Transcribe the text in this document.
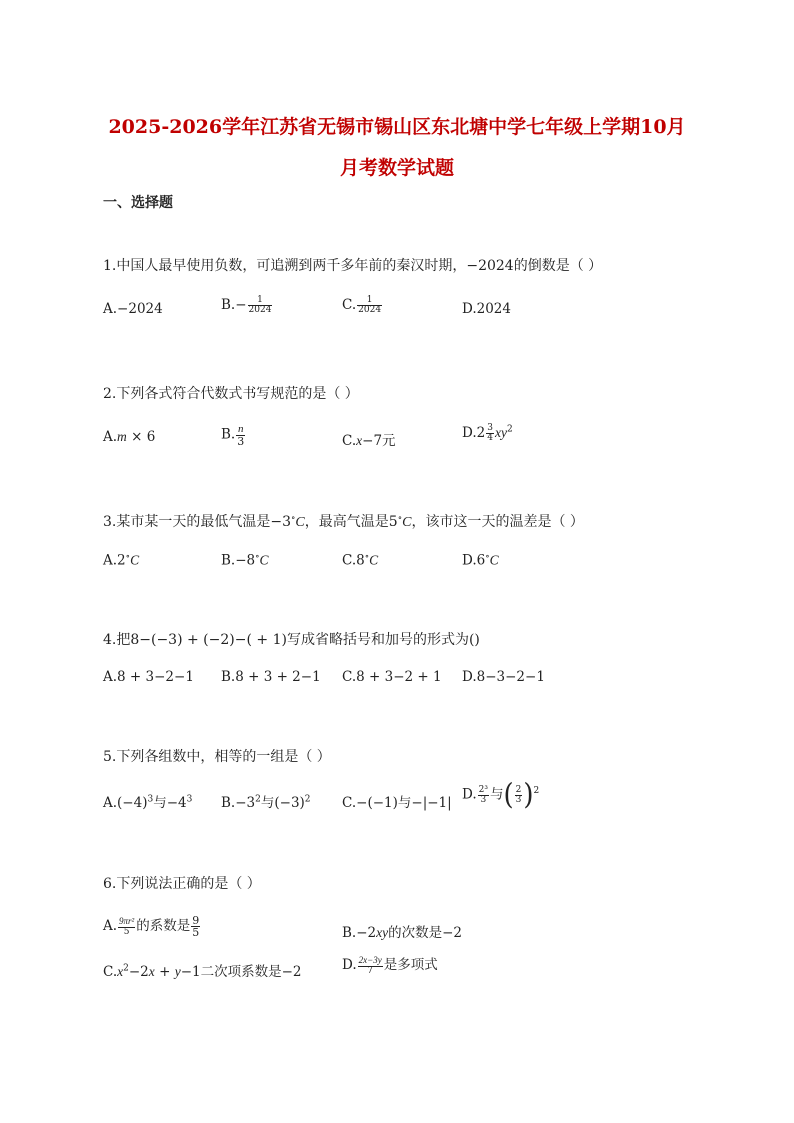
2025-2026学年江苏省无锡市锡山区东北塘中学七年级上学期10月
月考数学试题
一、选择题
1.中国人最早使用负数，可追溯到两千多年前的秦汉时期，−2024的倒数是（ ）
A.−2024	$B.- \frac{1}{2024}$	C. $\frac{1}{2024}$	D.2024
2.下列各式符合代数式书写规范的是（ ）
A.m × 6	B. $\frac{n}{3}$	C.x−7元	$D.2 \frac{3}{4} xy^2$
3.某市某一天的最低气温是−3∘C，最高气温是5∘C，该市这一天的温差是（ ）
A.2∘C	B.−8∘C	C.8∘C	D.6∘C
4.把8−(−3) + (−2)−( + 1)写成省略括号和加号的形式为()
A.8 + 3−2−1 B.8 + 3 + 2−1 C.8 + 3−2 + 1 D.8−3−2−1
5.下列各组数中，相等的一组是（ ）
$A.(-4)^3$与$-4^3$ $B.-3^2$与$(-3)^2$ C.−(−1)与−|−1|
D. $\frac{\text{2³}}{3}$ 与( $\frac{2}{3} )^2$
6.下列说法正确的是（ ）
A. $\frac{\text{9πr²}}{5}$ 的系数是 $\frac{9}{5}$	B.−2xy的次数是−2
$C.x^2-2x + y-1$二次项系数是−2	D. $\frac{2x-3y}{7}$ 是多项式
